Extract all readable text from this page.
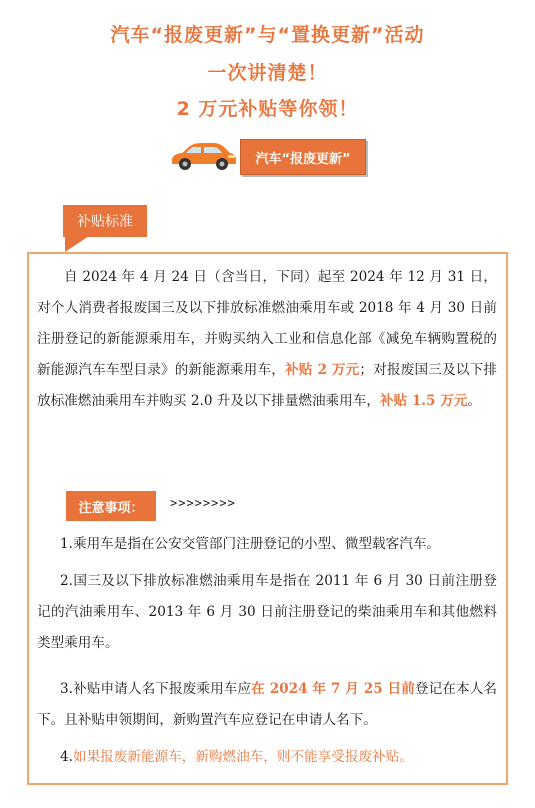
汽车“报废更新”与“置换更新”活动
一次讲清楚！
2 万元补贴等你领！
汽车“报废更新”
补贴标准

自 2024 年 4 月 24 日（含当日，下同）起至 2024 年 12 月 31 日，对个人消费者报废国三及以下排放标准燃油乘用车或 2018 年 4 月 30 日前注册登记的新能源乘用车，并购买纳入工业和信息化部《减免车辆购置税的新能源汽车车型目录》的新能源乘用车，补贴 2 万元；对报废国三及以下排放标准燃油乘用车并购买 2.0 升及以下排量燃油乘用车，补贴 1.5 万元。

注意事项：	>>>>>>>>

1.乘用车是指在公安交管部门注册登记的小型、微型载客汽车。

2.国三及以下排放标准燃油乘用车是指在 2011 年 6 月 30 日前注册登记的汽油乘用车、2013 年 6 月 30 日前注册登记的柴油乘用车和其他燃料类型乘用车。

3.补贴申请人名下报废乘用车应在 2024 年 7 月 25 日前登记在本人名下。且补贴申领期间，新购置汽车应登记在申请人名下。

4.如果报废新能源车，新购燃油车，则不能享受报废补贴。
